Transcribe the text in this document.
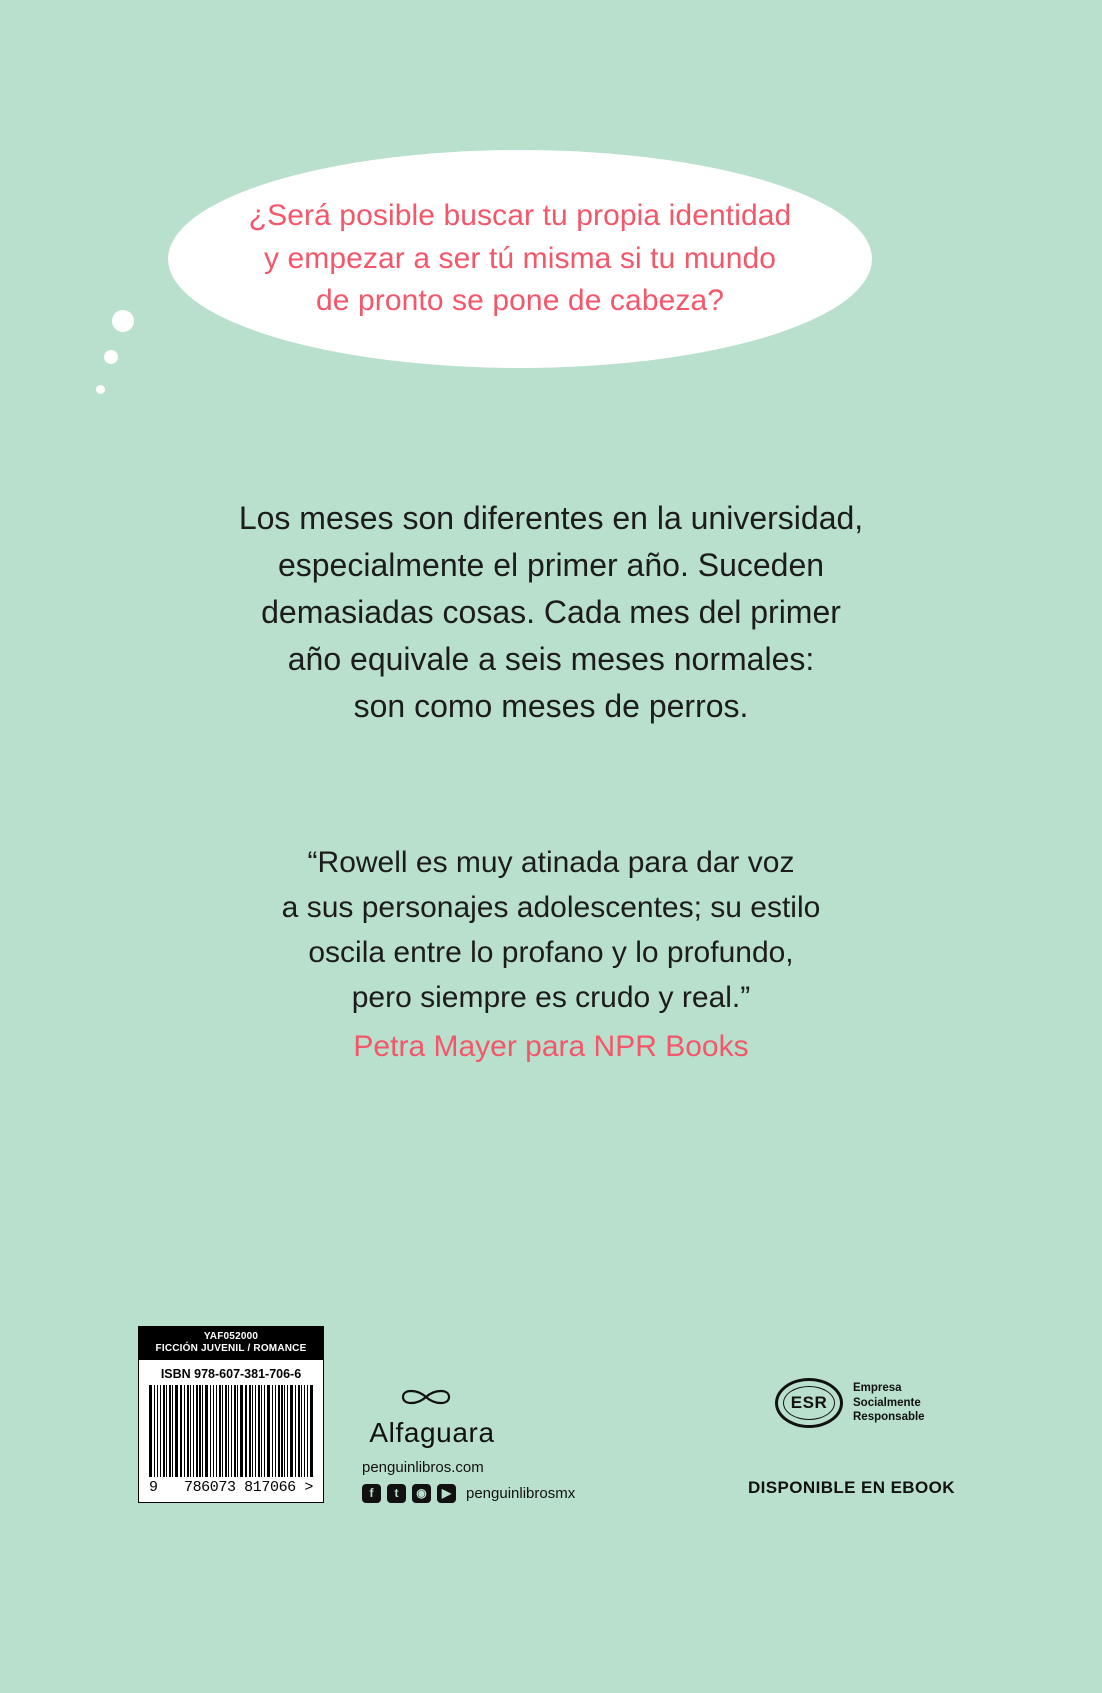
¿Será posible buscar tu propia identidad
y empezar a ser tú misma si tu mundo
de pronto se pone de cabeza?
Los meses son diferentes en la universidad,
especialmente el primer año. Suceden
demasiadas cosas. Cada mes del primer
año equivale a seis meses normales:
son como meses de perros.
“Rowell es muy atinada para dar voz
a sus personajes adolescentes; su estilo
oscila entre lo profano y lo profundo,
pero siempre es crudo y real.”
Petra Mayer para NPR Books
YAF052000
FICCIÓN JUVENIL / ROMANCE
ISBN 978-607-381-706-6
9 786073 817066 >
Alfaguara
penguinlibros.com
f	t	◉	▶ penguinlibrosmx
ESR
Empresa
Socialmente
Responsable
DISPONIBLE EN EBOOK
